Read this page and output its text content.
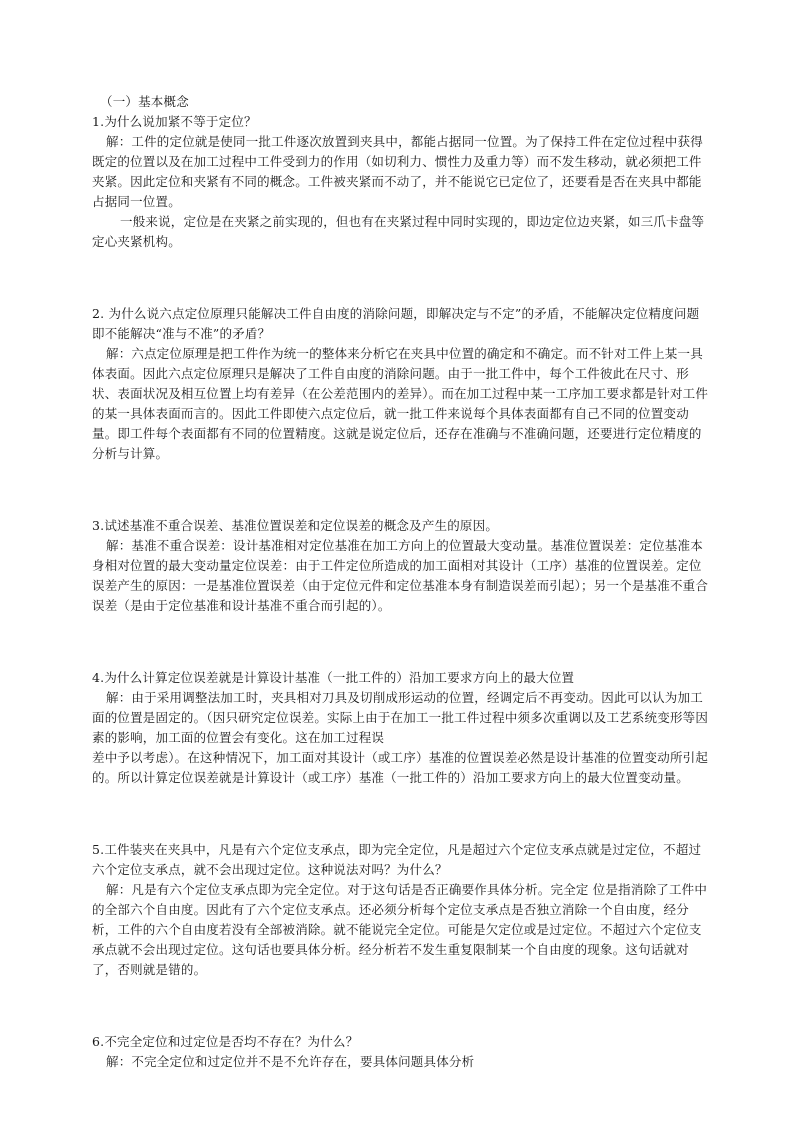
（一）基本概念

1.为什么说加紧不等于定位？

解：工件的定位就是使同一批工件逐次放置到夹具中，都能占据同一位置。为了保持工件在定位过程中获得既定的位置以及在加工过程中工件受到力的作用（如切利力、惯性力及重力等）而不发生移动，就必须把工件夹紧。因此定位和夹紧有不同的概念。工件被夹紧而不动了，并不能说它已定位了，还要看是否在夹具中都能占据同一位置。

一般来说，定位是在夹紧之前实现的，但也有在夹紧过程中同时实现的，即边定位边夹紧，如三爪卡盘等定心夹紧机构。

2. 为什么说六点定位原理只能解决工件自由度的消除问题，即解决定与不定”的矛盾，不能解决定位精度问题即不能解决“准与不准”的矛盾？

解：六点定位原理是把工件作为统一的整体来分析它在夹具中位置的确定和不确定。而不针对工件上某一具体表面。因此六点定位原理只是解决了工件自由度的消除问题。由于一批工件中，每个工件彼此在尺寸、形状、表面状况及相互位置上均有差异（在公差范围内的差异）。而在加工过程中某一工序加工要求都是针对工件的某一具体表面而言的。因此工件即使六点定位后，就一批工件来说每个具体表面都有自己不同的位置变动量。即工件每个表面都有不同的位置精度。这就是说定位后，还存在准确与不准确问题，还要进行定位精度的分析与计算。

3.试述基准不重合误差、基准位置误差和定位误差的概念及产生的原因。

解：基准不重合误差：设计基准相对定位基准在加工方向上的位置最大变动量。基准位置误差：定位基准本身相对位置的最大变动量定位误差：由于工件定位所造成的加工面相对其设计（工序）基准的位置误差。定位误差产生的原因：一是基准位置误差（由于定位元件和定位基准本身有制造误差而引起）；另一个是基准不重合误差（是由于定位基准和设计基准不重合而引起的）。

4.为什么计算定位误差就是计算设计基准（一批工件的）沿加工要求方向上的最大位置

解：由于采用调整法加工时，夹具相对刀具及切削成形运动的位置，经调定后不再变动。因此可以认为加工面的位置是固定的。（因只研究定位误差。实际上由于在加工一批工件过程中须多次重调以及工艺系统变形等因素的影响，加工面的位置会有变化。这在加工过程误

差中予以考虑）。在这种情况下，加工面对其设计（或工序）基准的位置误差必然是设计基准的位置变动所引起的。所以计算定位误差就是计算设计（或工序）基准（一批工件的）沿加工要求方向上的最大位置变动量。

5.工件装夹在夹具中，凡是有六个定位支承点，即为完全定位，凡是超过六个定位支承点就是过定位，不超过六个定位支承点，就不会出现过定位。这种说法对吗？为什么？

解：凡是有六个定位支承点即为完全定位。对于这句话是否正确要作具体分析。完全定 位是指消除了工件中的全部六个自由度。因此有了六个定位支承点。还必须分析每个定位支承点是否独立消除一个自由度，经分析，工件的六个自由度若没有全部被消除。就不能说完全定位。可能是欠定位或是过定位。不超过六个定位支承点就不会出现过定位。这句话也要具体分析。经分析若不发生重复限制某一个自由度的现象。这句话就对了，否则就是错的。

6.不完全定位和过定位是否均不存在？为什么？

解：不完全定位和过定位并不是不允许存在，要具体问题具体分析
